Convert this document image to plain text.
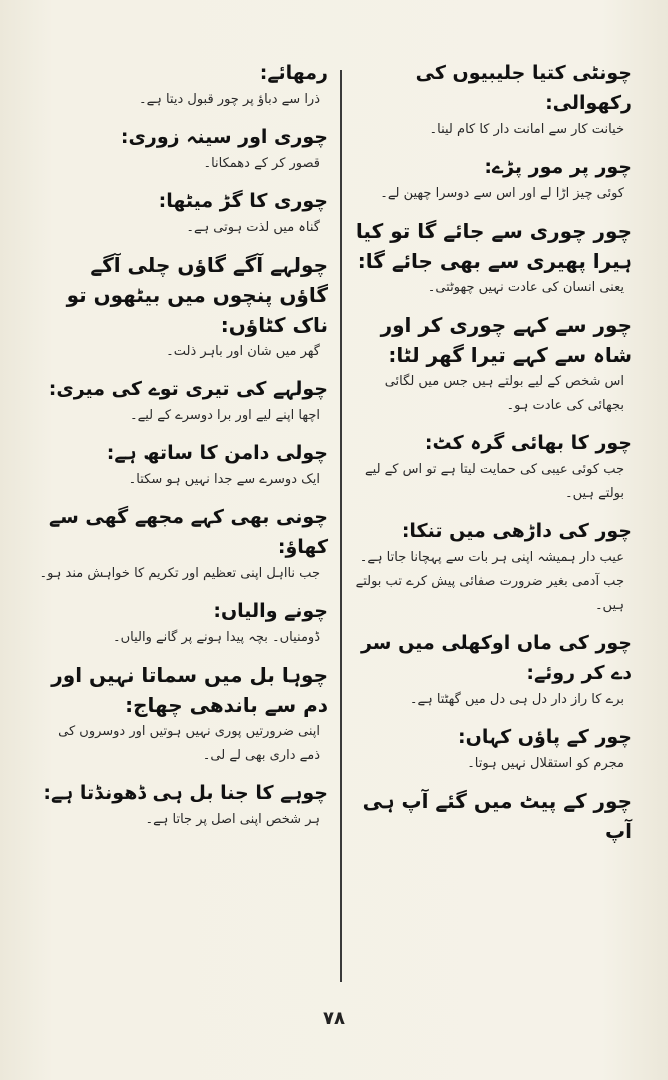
چونٹی کتیا جلیبیوں کی رکھوالی:

خیانت کار سے امانت دار کا کام لینا۔

چور پر مور پڑے:

کوئی چیز اڑا لے اور اس سے دوسرا چھین لے۔

چور چوری سے جائے گا تو کیا ہیرا پھیری سے بھی جائے گا:

یعنی انسان کی عادت نہیں چھوٹتی۔

چور سے کہے چوری کر اور شاہ سے کہے تیرا گھر لٹا:

اس شخص کے لیے بولتے ہیں جس میں لگائی بجھائی کی عادت ہو۔

چور کا بھائی گرہ کٹ:

جب کوئی عیبی کی حمایت لیتا ہے تو اس کے لیے بولتے ہیں۔

چور کی داڑھی میں تنکا:

عیب دار ہمیشہ اپنی ہر بات سے پہچانا جاتا ہے۔ جب آدمی بغیر ضرورت صفائی پیش کرے تب بولتے ہیں۔

چور کی ماں اوکھلی میں سر دے کر روئے:

برے کا راز دار دل ہی دل میں گھٹتا ہے۔

چور کے پاؤں کہاں:

مجرم کو استقلال نہیں ہوتا۔

چور کے پیٹ میں گئے آپ ہی آپ

رمھائے:

ذرا سے دباؤ پر چور قبول دیتا ہے۔

چوری اور سینہ زوری:

قصور کر کے دھمکانا۔

چوری کا گڑ میٹھا:

گناہ میں لذت ہوتی ہے۔

چولہے آگے گاؤں چلی آگے گاؤں پنچوں میں بیٹھوں تو ناک کٹاؤں:

گھر میں شان اور باہر ذلت۔

چولہے کی تیری توے کی میری:

اچھا اپنے لیے اور برا دوسرے کے لیے۔

چولی دامن کا ساتھ ہے:

ایک دوسرے سے جدا نہیں ہو سکتا۔

چونی بھی کہے مجھے گھی سے کھاؤ:

جب نااہل اپنی تعظیم اور تکریم کا خواہش مند ہو۔

چونے والیاں:

ڈومنیاں۔ بچہ پیدا ہونے پر گانے والیاں۔

چوہا بل میں سماتا نہیں اور دم سے باندھی چھاج:

اپنی ضرورتیں پوری نہیں ہوتیں اور دوسروں کی ذمے داری بھی لے لی۔

چوہے کا جنا بل ہی ڈھونڈتا ہے:

ہر شخص اپنی اصل پر جاتا ہے۔

۷۸
